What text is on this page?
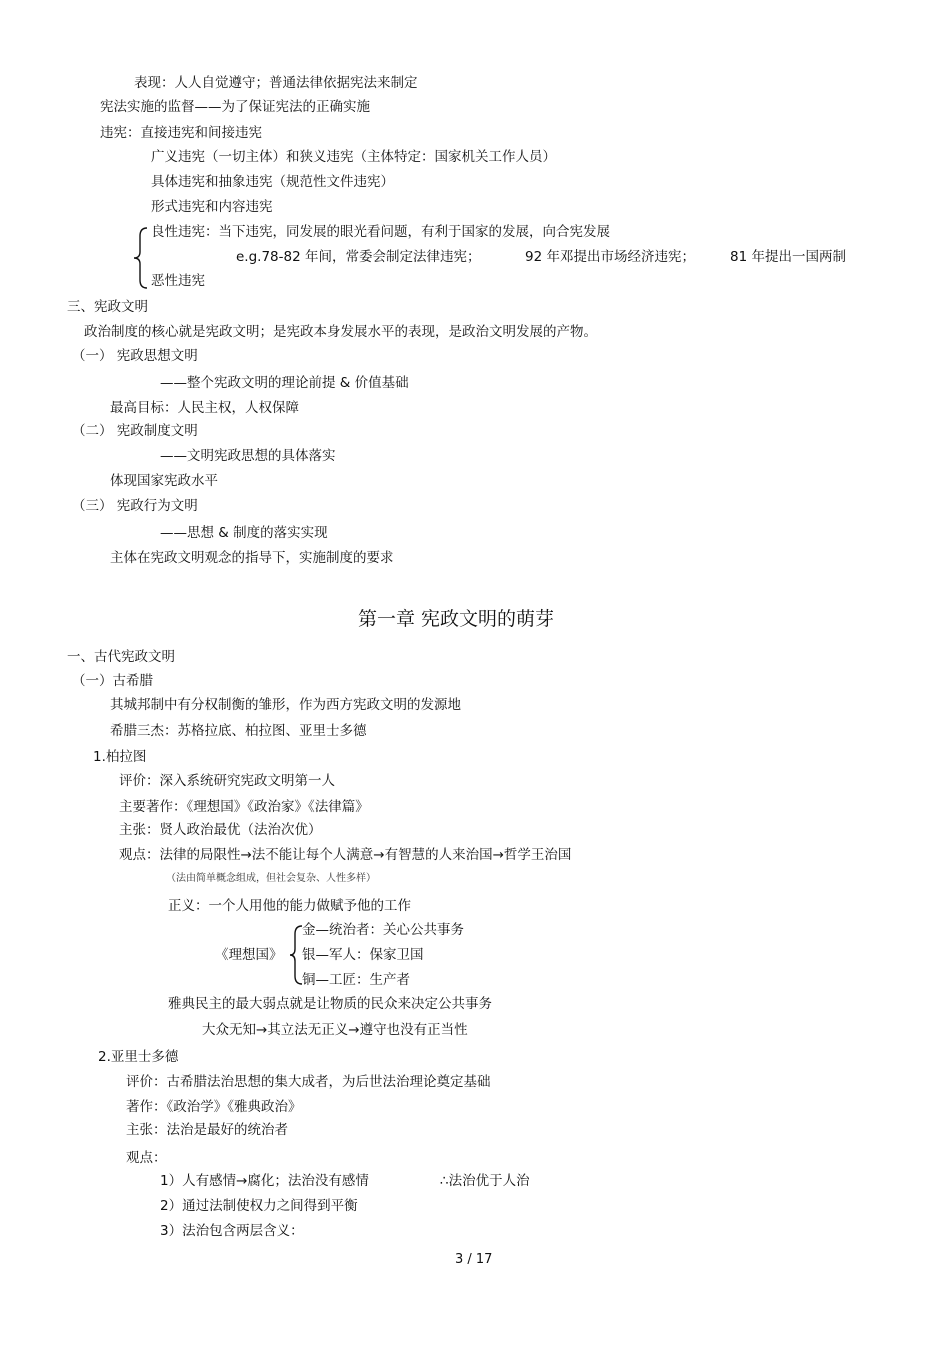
表现：人人自觉遵守；普通法律依据宪法来制定
宪法实施的监督——为了保证宪法的正确实施
违宪：直接违宪和间接违宪
广义违宪（一切主体）和狭义违宪（主体特定：国家机关工作人员）
具体违宪和抽象违宪（规范性文件违宪）
形式违宪和内容违宪
良性违宪：当下违宪，同发展的眼光看问题，有利于国家的发展，向合宪发展
e.g.78-82 年间，常委会制定法律违宪；	92 年邓提出市场经济违宪；	81 年提出一国两制
恶性违宪
三、宪政文明
政治制度的核心就是宪政文明；是宪政本身发展水平的表现，是政治文明发展的产物。
（一） 宪政思想文明
——整个宪政文明的理论前提 & 价值基础
最高目标：人民主权，人权保障
（二） 宪政制度文明
——文明宪政思想的具体落实
体现国家宪政水平
（三） 宪政行为文明
——思想 & 制度的落实实现
主体在宪政文明观念的指导下，实施制度的要求
第一章 宪政文明的萌芽
一、古代宪政文明
（一）古希腊
其城邦制中有分权制衡的雏形，作为西方宪政文明的发源地
希腊三杰：苏格拉底、柏拉图、亚里士多德
1.柏拉图
评价：深入系统研究宪政文明第一人
主要著作：《理想国》《政治家》《法律篇》
主张：贤人政治最优（法治次优）
观点：法律的局限性→法不能让每个人满意→有智慧的人来治国→哲学王治国
（法由简单概念组成，但社会复杂、人性多样）
正义：一个人用他的能力做赋予他的工作
金—统治者：关心公共事务
《理想国》 银—军人：保家卫国
铜—工匠：生产者
雅典民主的最大弱点就是让物质的民众来决定公共事务
大众无知→其立法无正义→遵守也没有正当性
2.亚里士多德
评价：古希腊法治思想的集大成者，为后世法治理论奠定基础
著作：《政治学》《雅典政治》
主张：法治是最好的统治者
观点：
1）人有感情→腐化；法治没有感情	∴法治优于人治
2）通过法制使权力之间得到平衡
3）法治包含两层含义：
3 / 17
